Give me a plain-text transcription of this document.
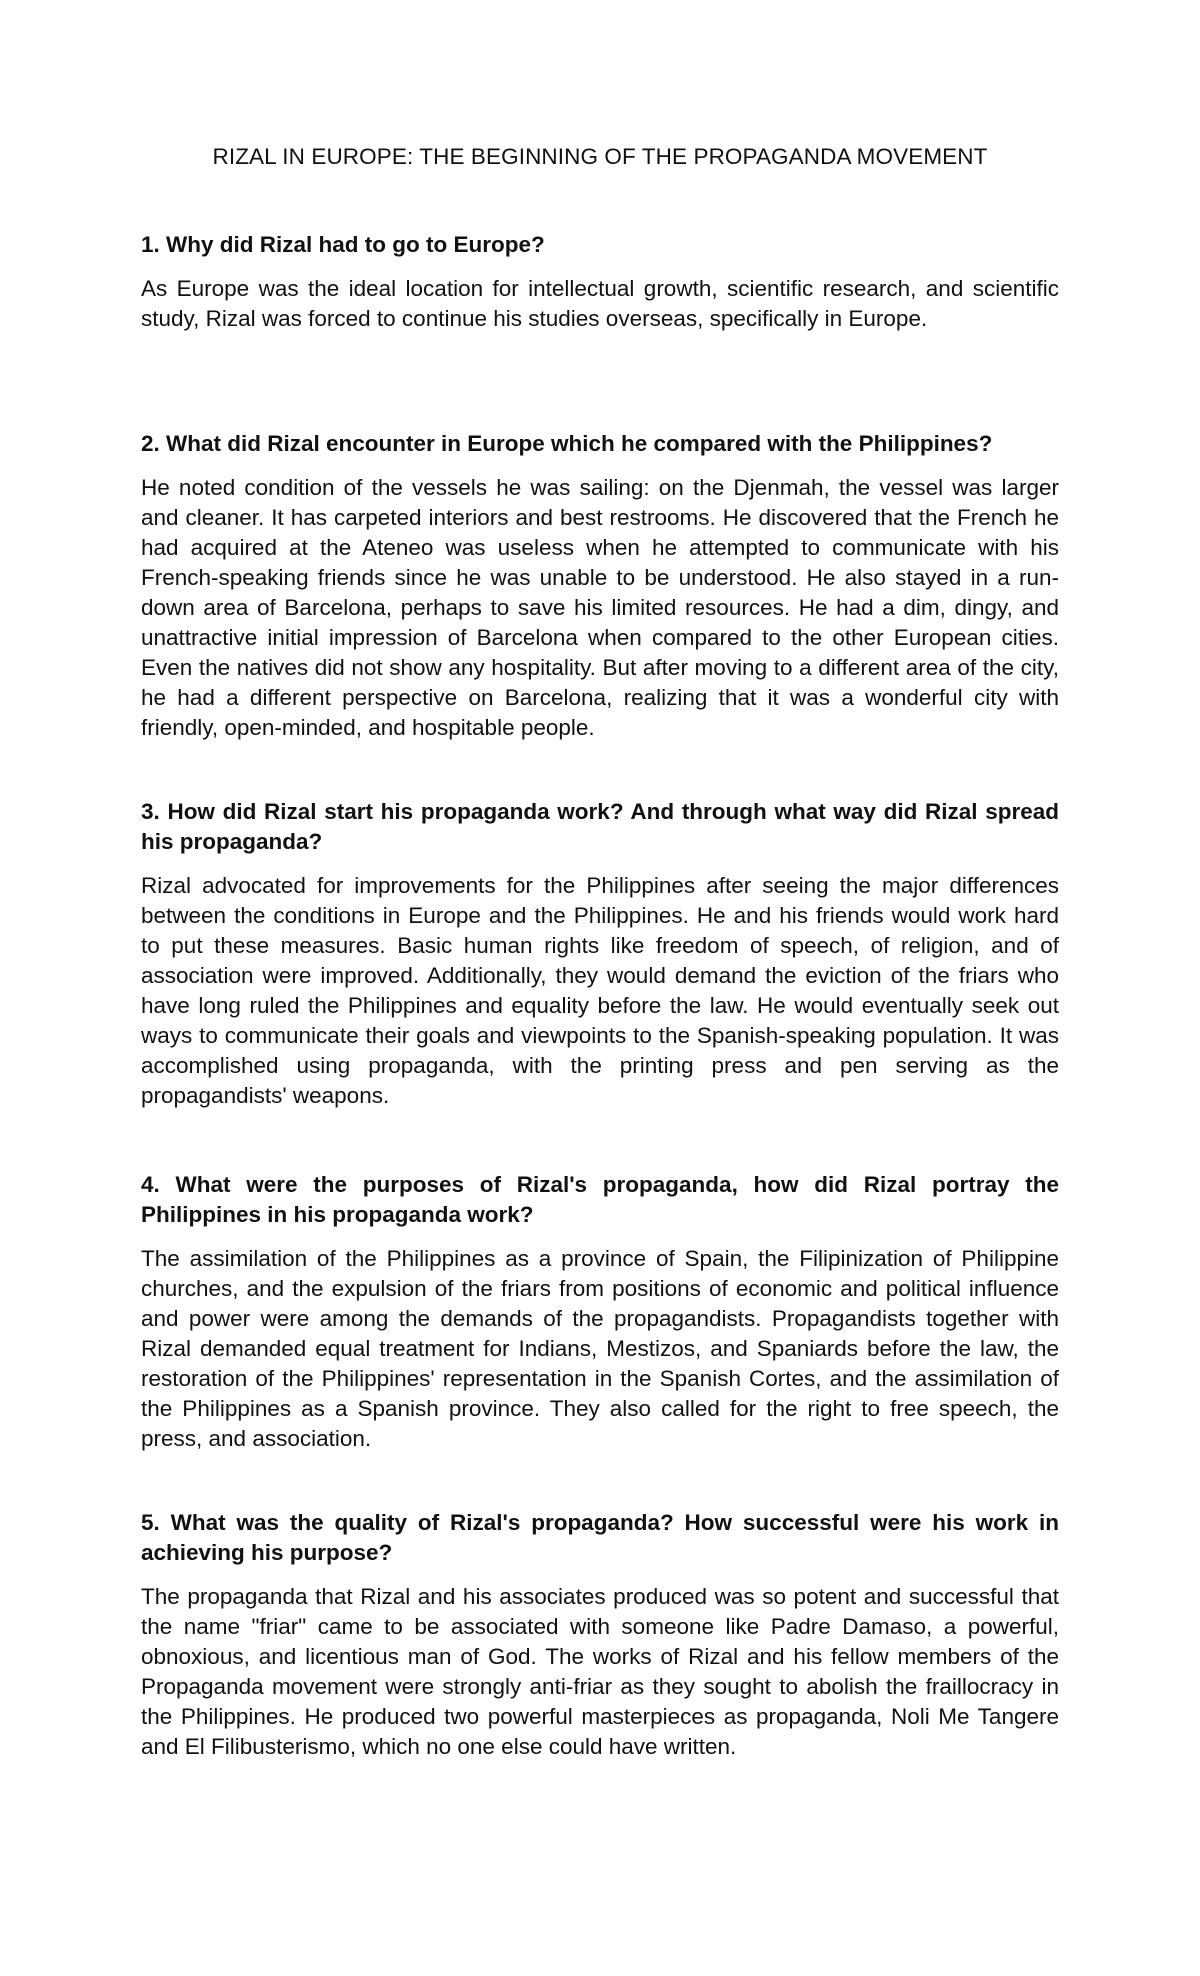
RIZAL IN EUROPE: THE BEGINNING OF THE PROPAGANDA MOVEMENT

1. Why did Rizal had to go to Europe?

As Europe was the ideal location for intellectual growth, scientific research, and scientific study, Rizal was forced to continue his studies overseas, specifically in Europe.

2. What did Rizal encounter in Europe which he compared with the Philippines?

He noted condition of the vessels he was sailing: on the Djenmah, the vessel was larger and cleaner. It has carpeted interiors and best restrooms. He discovered that the French he had acquired at the Ateneo was useless when he attempted to communicate with his French-speaking friends since he was unable to be understood. He also stayed in a run-down area of Barcelona, perhaps to save his limited resources. He had a dim, dingy, and unattractive initial impression of Barcelona when compared to the other European cities. Even the natives did not show any hospitality. But after moving to a different area of the city, he had a different perspective on Barcelona, realizing that it was a wonderful city with friendly, open-minded, and hospitable people.

3. How did Rizal start his propaganda work? And through what way did Rizal spread his propaganda?

Rizal advocated for improvements for the Philippines after seeing the major differences between the conditions in Europe and the Philippines. He and his friends would work hard to put these measures. Basic human rights like freedom of speech, of religion, and of association were improved. Additionally, they would demand the eviction of the friars who have long ruled the Philippines and equality before the law. He would eventually seek out ways to communicate their goals and viewpoints to the Spanish-speaking population. It was accomplished using propaganda, with the printing press and pen serving as the propagandists' weapons.

4. What were the purposes of Rizal's propaganda, how did Rizal portray the Philippines in his propaganda work?

The assimilation of the Philippines as a province of Spain, the Filipinization of Philippine churches, and the expulsion of the friars from positions of economic and political influence and power were among the demands of the propagandists. Propagandists together with Rizal demanded equal treatment for Indians, Mestizos, and Spaniards before the law, the restoration of the Philippines' representation in the Spanish Cortes, and the assimilation of the Philippines as a Spanish province. They also called for the right to free speech, the press, and association.

5. What was the quality of Rizal's propaganda? How successful were his work in achieving his purpose?

The propaganda that Rizal and his associates produced was so potent and successful that the name "friar" came to be associated with someone like Padre Damaso, a powerful, obnoxious, and licentious man of God. The works of Rizal and his fellow members of the Propaganda movement were strongly anti-friar as they sought to abolish the fraillocracy in the Philippines. He produced two powerful masterpieces as propaganda, Noli Me Tangere and El Filibusterismo, which no one else could have written.
